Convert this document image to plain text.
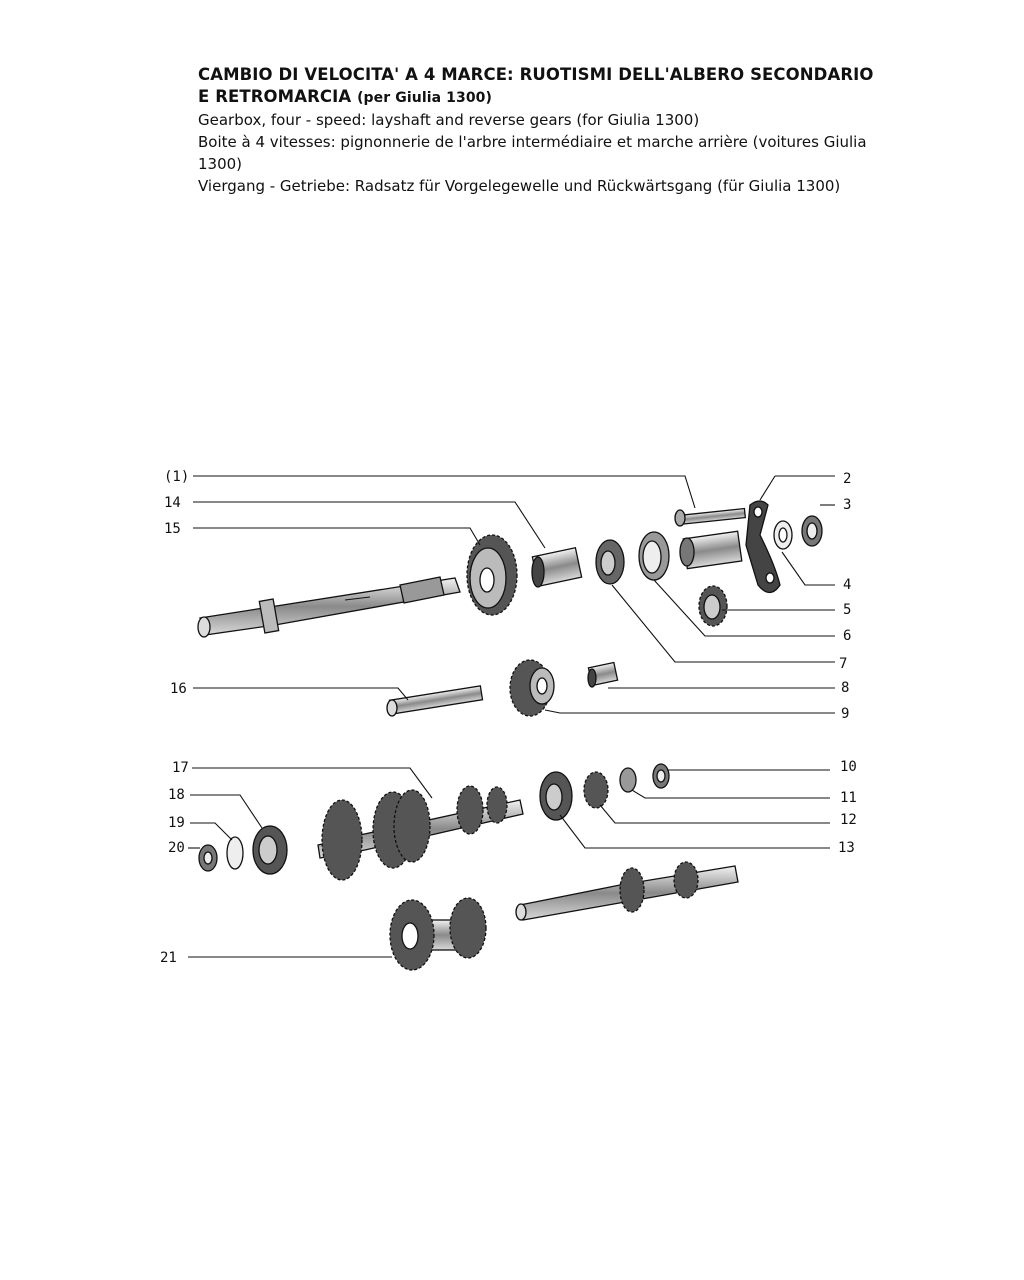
CAMBIO DI VELOCITA' A 4 MARCE: RUOTISMI DELL'ALBERO SECONDARIO

E RETROMARCIA (per Giulia 1300)

Gearbox, four - speed: layshaft and reverse gears (for Giulia 1300)

Boite à 4 vitesses: pignonnerie de l'arbre intermédiaire et marche arrière (voitures Giulia 1300)

Viergang - Getriebe: Radsatz für Vorgelegewelle und Rückwärtsgang (für Giulia 1300)

(1)	2
3
4
5
6
7
8
9
10
11
12
13
14
15
16
17
18
19
20
21
